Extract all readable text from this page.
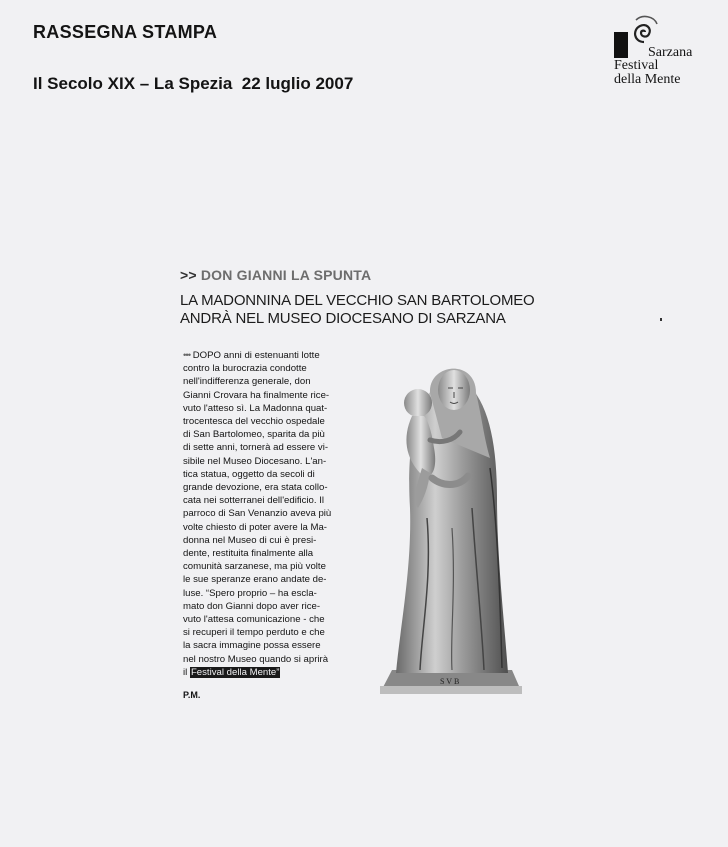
RASSEGNA STAMPA
Il Secolo XIX – La Spezia  22 luglio 2007
Sarzana
Festival
della Mente
>> DON GIANNI LA SPUNTA
LA MADONNINA DEL VECCHIO SAN BARTOLOMEO
ANDRÀ NEL MUSEO DIOCESANO DI SARZANA
••• DOPO anni di estenuanti lotte
contro la burocrazia condotte
nell'indifferenza generale, don
Gianni Crovara ha finalmente rice-
vuto l'atteso sì. La Madonna quat-
trocentesca del vecchio ospedale
di San Bartolomeo, sparita da più
di sette anni, tornerà ad essere vi-
sibile nel Museo Diocesano. L'an-
tica statua, oggetto da secoli di
grande devozione, era stata collo-
cata nei sotterranei dell'edificio. Il
parroco di San Venanzio aveva più
volte chiesto di poter avere la Ma-
donna nel Museo di cui è presi-
dente, restituita finalmente alla
comunità sarzanese, ma più volte
le sue speranze erano andate de-
luse. “Spero proprio – ha escla-
mato don Gianni dopo aver rice-
vuto l'attesa comunicazione - che
si recuperi il tempo perduto e che
la sacra immagine possa essere
nel nostro Museo quando si aprirà
il Festival della Mente”
P.M.
S V B
